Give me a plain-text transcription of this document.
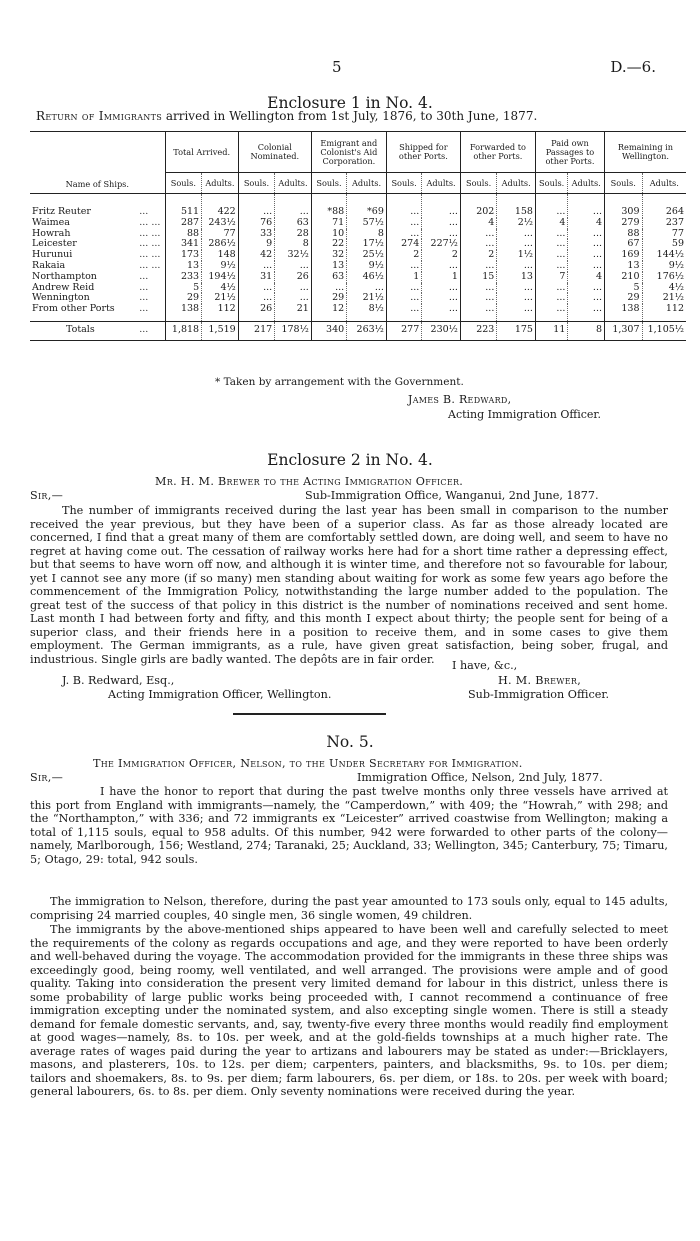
5	D.—6.
Enclosure 1 in No. 4.
Return of Immigrants arrived in Wellington from 1st July, 1876, to 30th June, 1877.
Name of Ships.		Total Arrived.		Colonial Nominated.		Emigrant and Colonist's Aid Corporation.		Shipped for other Ports.		Forwarded to other Ports.		Paid own Passages to other Ports.		Remaining in Wellington.	
		Souls.	Adults.	Souls.	Adults.	Souls.	Adults.	Souls.	Adults.	Souls.	Adults.	Souls.	Adults.	Souls.	Adults.
Fritz Reuter	...	511	422	...	...	*88	*69	...	...	202	158	...	...	309	264
Waimea	... ...	287	243½	76	63	71	57½	...	...	4	2½	4	4	279	237
Howrah	... ...	88	77	33	28	10	8	...	...	...	...	...	...	88	77
Leicester	... ...	341	286½	9	8	22	17½	274	227½	...	...	...	...	67	59
Hurunui	... ...	173	148	42	32½	32	25½	2	2	2	1½	...	...	169	144½
Rakaia	... ...	13	9½	...	...	13	9½	...	...	...	...	...	...	13	9½
Northampton	...	233	194½	31	26	63	46½	1	1	15	13	7	4	210	176½
Andrew Reid	...	5	4½	...	...	...	...	...	...	...	...	...	...	5	4½
Wennington	...	29	21½	...	...	29	21½	...	...	...	...	...	...	29	21½
From other Ports	...	138	112	26	21	12	8½	...	...	...	...	...	...	138	112
Totals	...	1,818	1,519	217	178½	340	263½	277	230½	223	175	11	8	1,307	1,105½
* Taken by arrangement with the Government.
James B. Redward,
Acting Immigration Officer.
Enclosure 2 in No. 4.
Mr. H. M. Brewer to the Acting Immigration Officer.
Sir,—	Sub-Immigration Office, Wanganui, 2nd June, 1877.
The number of immigrants received during the last year has been small in comparison to the number received the year previous, but they have been of a superior class. As far as those already located are concerned, I find that a great many of them are comfortably settled down, are doing well, and seem to have no regret at having come out. The cessation of railway works here had for a short time rather a depressing effect, but that seems to have worn off now, and although it is winter time, and therefore not so favourable for labour, yet I cannot see any more (if so many) men standing about waiting for work as some few years ago before the commencement of the Immigration Policy, notwithstanding the large number added to the population. The great test of the success of that policy in this district is the number of nominations received and sent home. Last month I had between forty and fifty, and this month I expect about thirty; the people sent for being of a superior class, and their friends here in a position to receive them, and in some cases to give them employment. The German immigrants, as a rule, have given great satisfaction, being sober, frugal, and industrious. Single girls are badly wanted. The depôts are in fair order.	I have, &c.,
J. B. Redward, Esq.,
Acting Immigration Officer, Wellington.
H. M. Brewer,
Sub-Immigration Officer.
No. 5.
The Immigration Officer, Nelson, to the Under Secretary for Immigration.
Sir,—	Immigration Office, Nelson, 2nd July, 1877.
I have the honor to report that during the past twelve months only three vessels have arrived at this port from England with immigrants—namely, the “Camperdown,” with 409; the “Howrah,” with 298; and the “Northampton,” with 336; and 72 immigrants ex “Leicester” arrived coastwise from Wellington; making a total of 1,115 souls, equal to 958 adults. Of this number, 942 were forwarded to other parts of the colony—namely, Marlborough, 156; Westland, 274; Taranaki, 25; Auckland, 33; Wellington, 345; Canterbury, 75; Timaru, 5; Otago, 29: total, 942 souls.
The immigration to Nelson, therefore, during the past year amounted to 173 souls only, equal to 145 adults, comprising 24 married couples, 40 single men, 36 single women, 49 children.
The immigrants by the above-mentioned ships appeared to have been well and carefully selected to meet the requirements of the colony as regards occupations and age, and they were reported to have been orderly and well-behaved during the voyage. The accommodation provided for the immigrants in these three ships was exceedingly good, being roomy, well ventilated, and well arranged. The provisions were ample and of good quality. Taking into consideration the present very limited demand for labour in this district, unless there is some probability of large public works being proceeded with, I cannot recommend a continuance of free immigration excepting under the nominated system, and also excepting single women. There is still a steady demand for female domestic servants, and, say, twenty-five every three months would readily find employment at good wages—namely, 8s. to 10s. per week, and at the gold-fields townships at a much higher rate. The average rates of wages paid during the year to artizans and labourers may be stated as under:—Bricklayers, masons, and plasterers, 10s. to 12s. per diem; carpenters, painters, and blacksmiths, 9s. to 10s. per diem; tailors and shoemakers, 8s. to 9s. per diem; farm labourers, 6s. per diem, or 18s. to 20s. per week with board; general labourers, 6s. to 8s. per diem. Only seventy nominations were received during the year.
